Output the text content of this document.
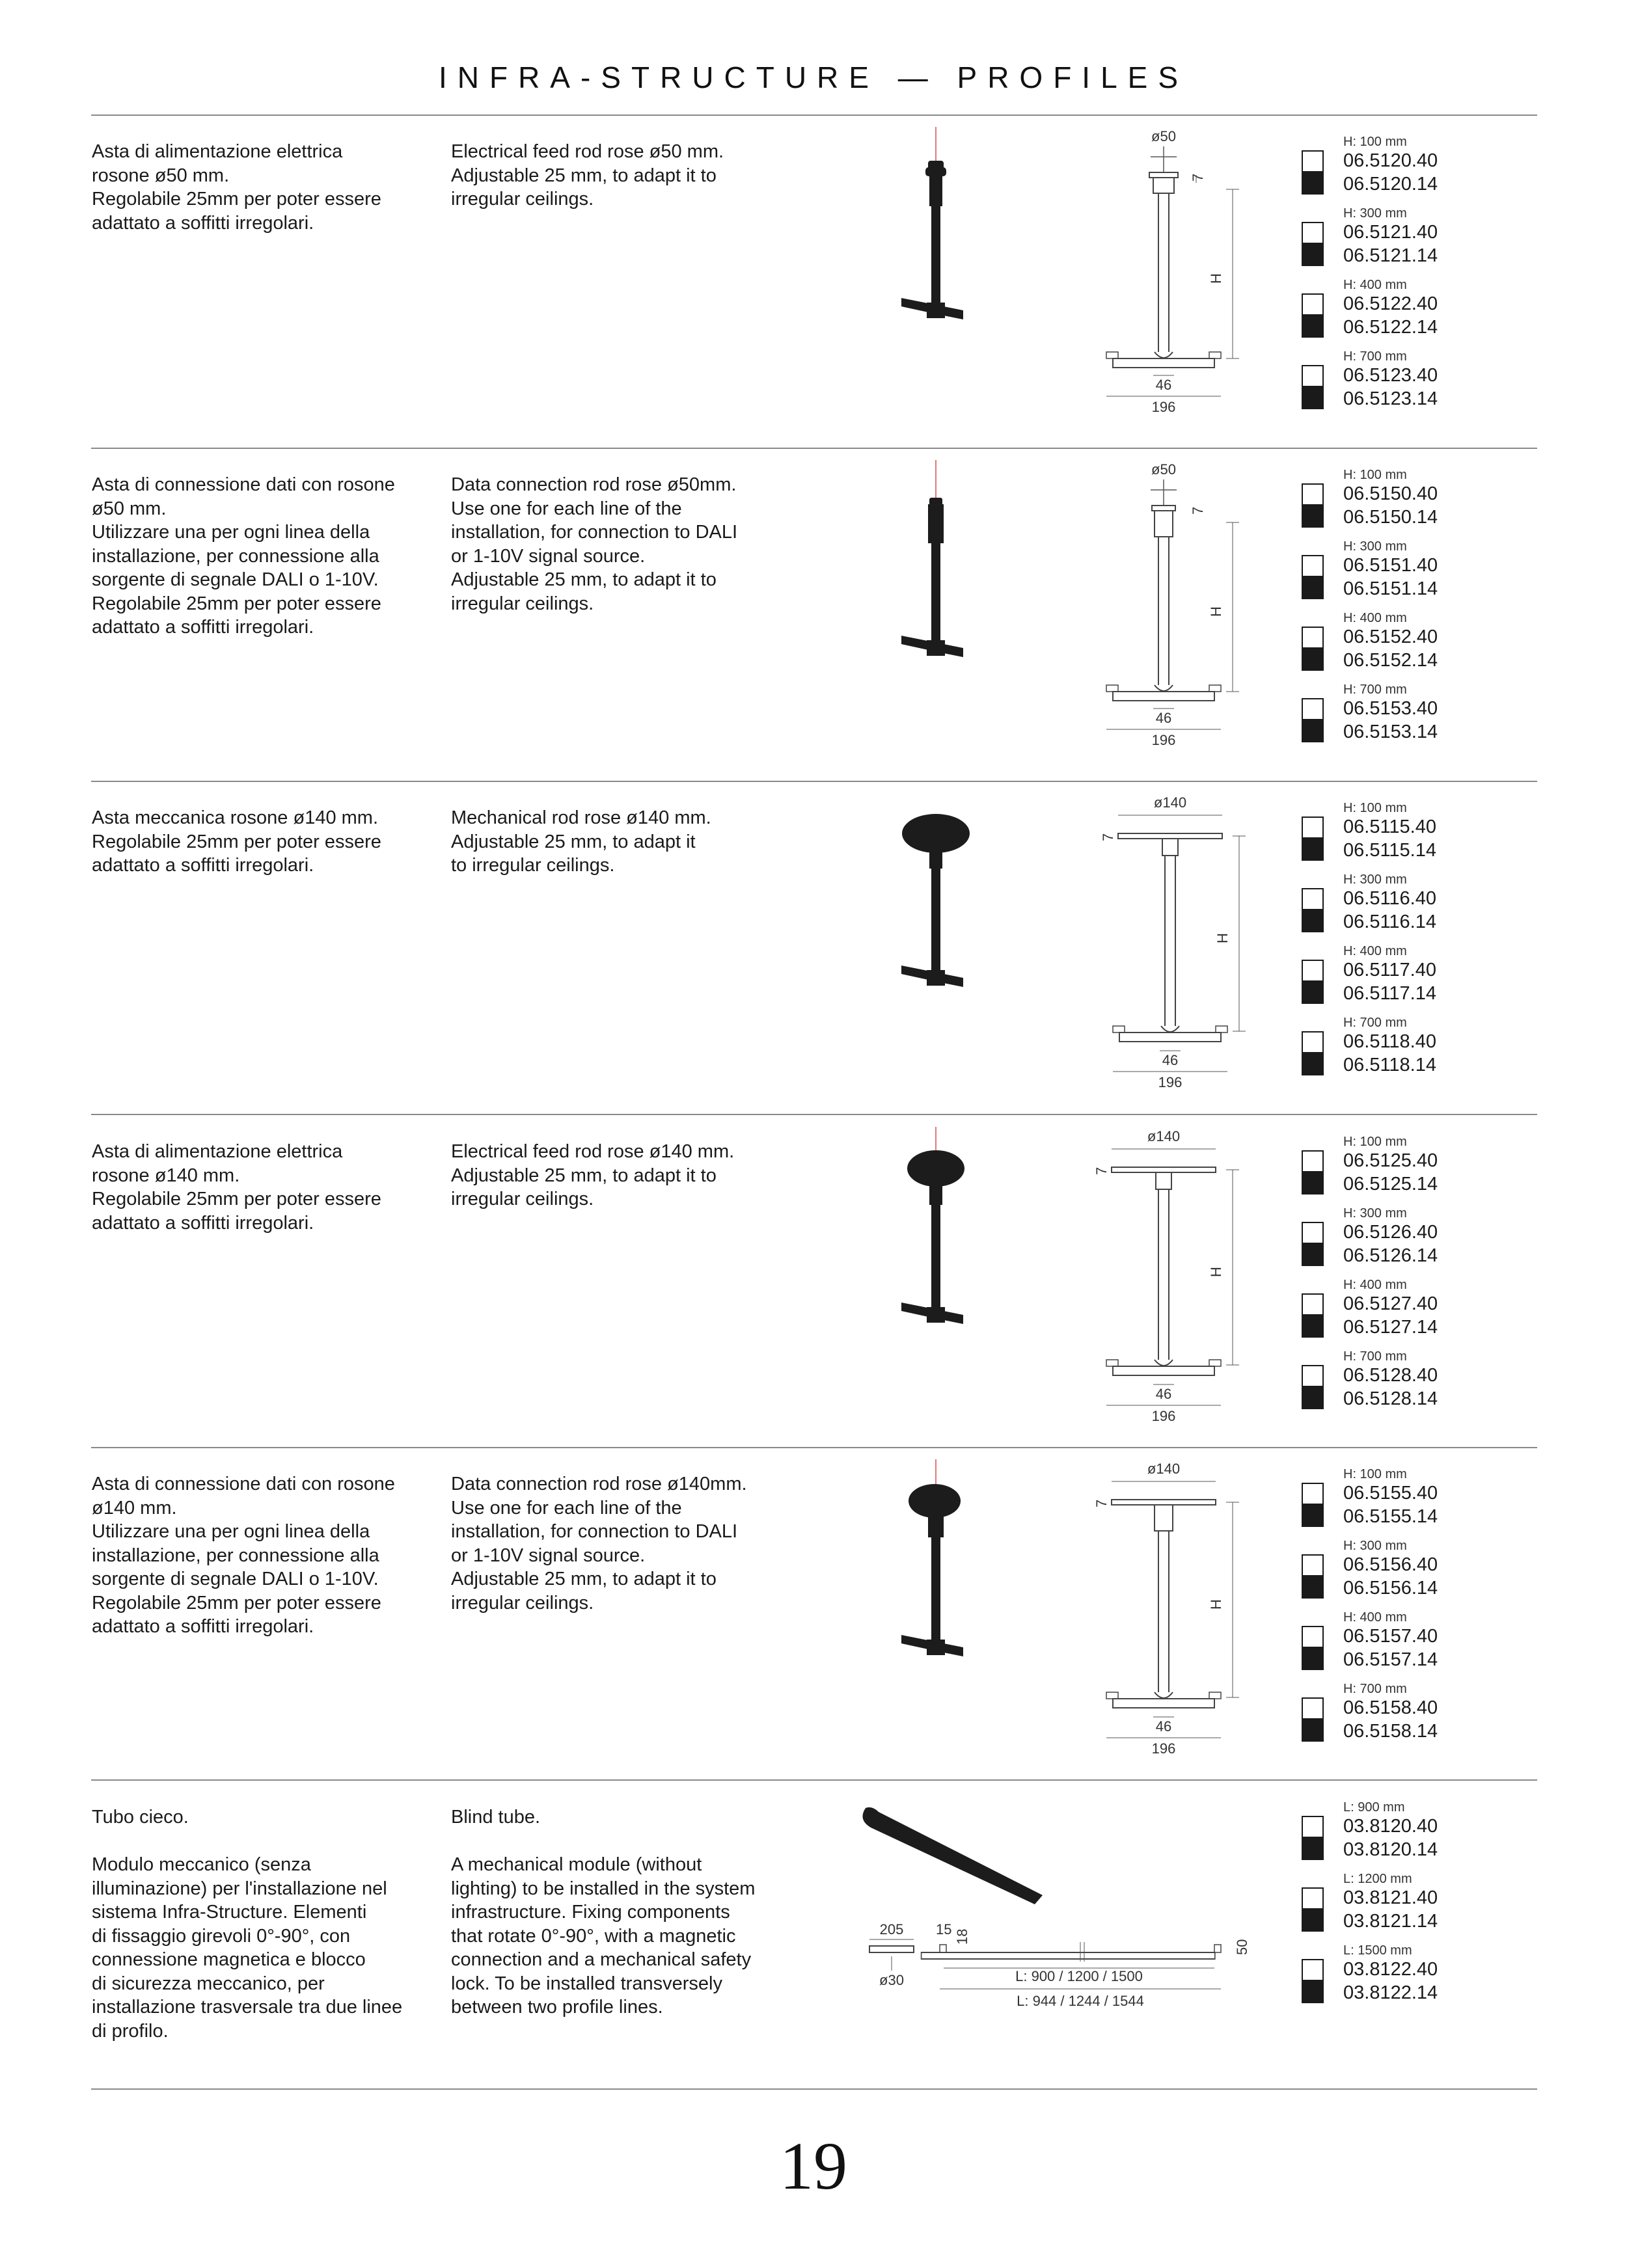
INFRA-STRUCTURE — PROFILES
Asta di alimentazione elettrica
rosone ø50 mm.
Regolabile 25mm per poter essere
adattato a soffitti irregolari.
Electrical feed rod rose ø50 mm.
Adjustable 25 mm, to adapt it to
irregular ceilings.
ø50
7
H
46
196
H: 100 mm
06.5120.40
06.5120.14
H: 300 mm
06.5121.40
06.5121.14
H: 400 mm
06.5122.40
06.5122.14
H: 700 mm
06.5123.40
06.5123.14
Asta di connessione dati con rosone
ø50 mm.
Utilizzare una per ogni linea della
installazione, per connessione alla
sorgente di segnale DALI o 1-10V.
Regolabile 25mm per poter essere
adattato a soffitti irregolari.
Data connection rod rose ø50mm.
Use one for each line of the
installation, for connection to DALI
or 1-10V signal source.
Adjustable 25 mm, to adapt it to
irregular ceilings.
ø50
7
H
46
196
H: 100 mm
06.5150.40
06.5150.14
H: 300 mm
06.5151.40
06.5151.14
H: 400 mm
06.5152.40
06.5152.14
H: 700 mm
06.5153.40
06.5153.14
Asta meccanica rosone ø140 mm.
Regolabile 25mm per poter essere
adattato a soffitti irregolari.
Mechanical rod rose ø140 mm.
Adjustable 25 mm, to adapt it
to irregular ceilings.
ø140
7
H
46
196
H: 100 mm
06.5115.40
06.5115.14
H: 300 mm
06.5116.40
06.5116.14
H: 400 mm
06.5117.40
06.5117.14
H: 700 mm
06.5118.40
06.5118.14
Asta di alimentazione elettrica
rosone ø140 mm.
Regolabile 25mm per poter essere
adattato a soffitti irregolari.
Electrical feed rod rose ø140 mm.
Adjustable 25 mm, to adapt it to
irregular ceilings.
ø140
7
H
46
196
H: 100 mm
06.5125.40
06.5125.14
H: 300 mm
06.5126.40
06.5126.14
H: 400 mm
06.5127.40
06.5127.14
H: 700 mm
06.5128.40
06.5128.14
Asta di connessione dati con rosone
ø140 mm.
Utilizzare una per ogni linea della
installazione, per connessione alla
sorgente di segnale DALI o 1-10V.
Regolabile 25mm per poter essere
adattato a soffitti irregolari.
Data connection rod rose ø140mm.
Use one for each line of the
installation, for connection to DALI
or 1-10V signal source.
Adjustable 25 mm, to adapt it to
irregular ceilings.
ø140
7
H
46
196
H: 100 mm
06.5155.40
06.5155.14
H: 300 mm
06.5156.40
06.5156.14
H: 400 mm
06.5157.40
06.5157.14
H: 700 mm
06.5158.40
06.5158.14
Tubo cieco.

Modulo meccanico (senza
illuminazione) per l'installazione nel
sistema Infra-Structure. Elementi
di fissaggio girevoli 0°-90°, con
connessione magnetica e blocco
di sicurezza meccanico, per
installazione trasversale tra due linee
di profilo.
Blind tube.

A mechanical module (without
lighting) to be installed in the system
infrastructure. Fixing components
that rotate 0°-90°, with a magnetic
connection and a mechanical safety
lock. To be installed transversely
between two profile lines.
205
ø30
15 18
50
L: 900 / 1200 / 1500
L: 944 / 1244 / 1544
L: 900 mm
03.8120.40
03.8120.14
L: 1200 mm
03.8121.40
03.8121.14
L: 1500 mm
03.8122.40
03.8122.14
19
